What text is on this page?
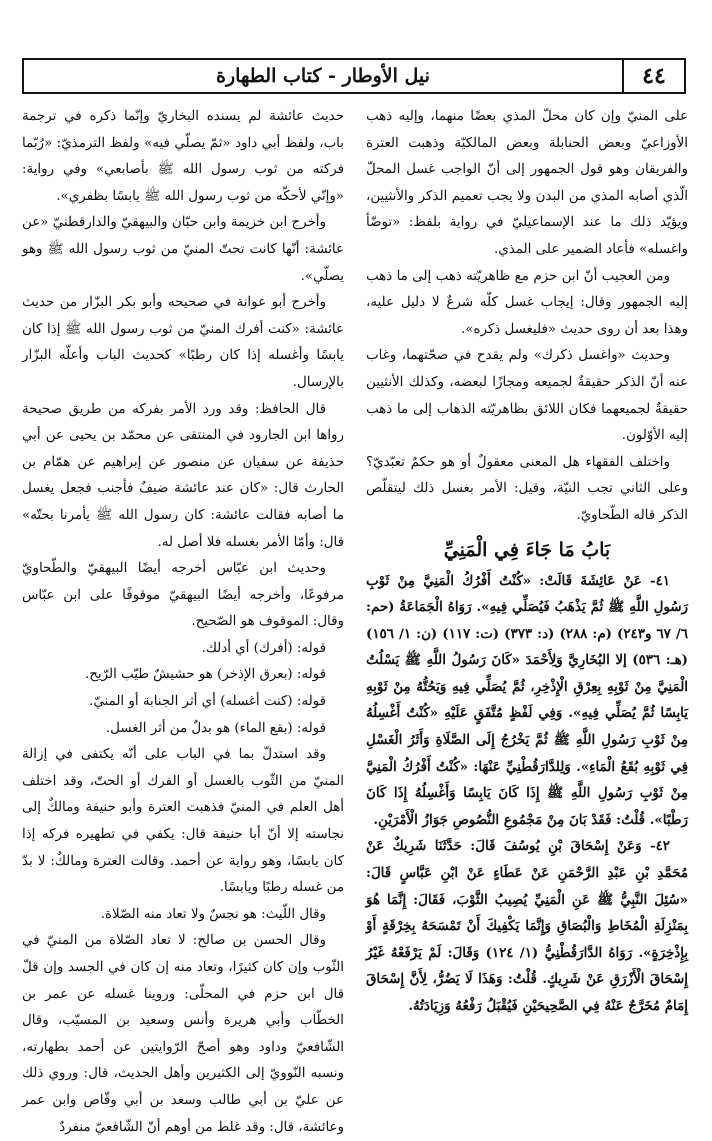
٤٤
نيل الأوطار - كتاب الطهارة

على المنيّ وإن كان محلّ المذي بعضًا منهما، وإليه ذهب الأوزاعيّ وبعض الحنابلة وبعض المالكيّة وذهبت العترة والفريقان وهو قول الجمهور إلى أنّ الواجب غسل المحلّ الّذي أصابه المذي من البدن ولا يجب تعميم الذكر والأنثيين، ويؤيّد ذلك ما عند الإسماعيليّ في رواية بلفظ: «توضّأ واغسله» فأعاد الضمير على المذي.

ومن العجيب أنّ ابن حزم مع ظاهريّته ذهب إلى ما ذهب إليه الجمهور وقال: إيجاب غسل كلّه شرعٌ لا دليل عليه، وهذا بعد أن روى حديث «فليغسل ذكره».

وحديث «واغسل ذكرك» ولم يقدح في صحّتهما، وغاب عنه أنّ الذكر حقيقةٌ لجميعه ومجازًا لبعضه، وكذلك الأنثيين حقيقةٌ لجميعهما فكان اللائق بظاهريّته الذهاب إلى ما ذهب إليه الأوّلون.

واختلف الفقهاء هل المعنى معقولٌ أو هو حكمٌ تعبّديّ؟ وعلى الثاني تجب النيّة، وقيل: الأمر بغسل ذلك ليتقلّص الذكر قاله الطّحاويّ.

بَابُ مَا جَاءَ فِي الْمَنِيِّ

٤١- عَنْ عَائِشَةَ قَالَتْ: «كُنْتُ أَفْرُكُ الْمَنِيَّ مِنْ ثَوْبِ رَسُولِ اللَّهِ ﷺ ثُمَّ يَذْهَبُ فَيُصَلِّي فِيهِ». رَوَاهُ الْجَمَاعَةُ (حم: ٦/ ٦٧ و٢٤٣) (م: ٢٨٨) (د: ٣٧٣) (ت: ١١٧) (ن: ١/ ١٥٦) (هـ: ٥٣٦) إلا البُخَارِيَّ وَلِأَحْمَدَ «كَانَ رَسُولُ اللَّهِ ﷺ يَسْلُتُ الْمَنِيَّ مِنْ ثَوْبِهِ بِعِرْقِ الْإِذْخِرِ، ثُمَّ يُصَلِّي فِيهِ وَيَحُتُّهُ مِنْ ثَوْبِهِ يَابِسًا ثُمَّ يُصَلِّي فِيهِ». وَفِي لَفْظٍ مُتَّفَقٍ عَلَيْهِ «كُنْتُ أَغْسِلُهُ مِنْ ثَوْبِ رَسُولِ اللَّهِ ﷺ ثُمَّ يَخْرُجُ إِلَى الصَّلَاةِ وَأَثَرُ الْغَسْلِ فِي ثَوْبِهِ بُقَعُ الْمَاءِ». وَلِلدَّارَقُطْنِيِّ عَنْهَا: «كُنْتُ أَفْرُكُ الْمَنِيَّ مِنْ ثَوْبِ رَسُولِ اللَّهِ ﷺ إِذَا كَانَ يَابِسًا وَأَغْسِلُهُ إِذَا كَانَ رَطْبًا». قُلْتُ: فَقَدْ بَانَ مِنْ مَجْمُوعِ النُّصُوصِ جَوَازُ الْأَمْرَيْنِ.

٤٢- وَعَنْ إِسْحَاقَ بْنِ يُوسُفَ قَالَ: حَدَّثَنَا شَرِيكٌ عَنْ مُحَمَّدِ بْنِ عَبْدِ الرَّحْمَنِ عَنْ عَطَاءٍ عَنْ ابْنِ عَبَّاسٍ قَالَ: «سُئِلَ النَّبِيُّ ﷺ عَنِ الْمَنِيِّ يُصِيبُ الثَّوْبَ، فَقَالَ: إِنَّمَا هُوَ بِمَنْزِلَةِ الْمُخَاطِ وَالْبُصَاقِ وَإِنَّمَا يَكْفِيكَ أَنْ تَمْسَحَهُ بِخِرْقَةٍ أَوْ بِإِذْخِرَةٍ». رَوَاهُ الدَّارَقُطْنِيُّ (١/ ١٢٤) وَقَالَ: لَمْ يَرْفَعْهُ غَيْرُ إِسْحَاقَ الْأَزْرَقِ عَنْ شَرِيكٍ. قُلْتُ: وَهَذَا لَا يَضُرُّ، لِأَنَّ إِسْحَاقَ إِمَامٌ مُخَرَّجٌ عَنْهُ فِي الصَّحِيحَيْنِ فَيُقْبَلُ رَفْعُهُ وَزِيَادَتُهُ.

حديث عائشة لم يسنده البخاريّ وإنّما ذكره في ترجمة باب، ولفظ أبي داود «ثمّ يصلّي فيه» ولفظ الترمذيّ: «رُبّما فركته من ثوب رسول الله ﷺ بأصابعي» وفي رواية: «وإنّي لأحكّه من ثوب رسول الله ﷺ يابسًا بظفري».

وأخرج ابن خزيمة وابن حبّان والبيهقيّ والدارقطنيّ «عن عائشة: أنّها كانت تحتّ المنيّ من ثوب رسول الله ﷺ وهو يصلّي».

وأخرج أبو عوانة في صحيحه وأبو بكر البزّار من حديث عائشة: «كنت أفرك المنيّ من ثوب رسول الله ﷺ إذا كان يابسًا وأغسله إذا كان رطبًا» كحديث الباب وأعلّه البزّار بالإرسال.

قال الحافظ: وقد ورد الأمر بفركه من طريق صحيحة رواها ابن الجارود في المنتقى عن محمّد بن يحيى عن أبي حذيفة عن سفيان عن منصور عن إبراهيم عن همّام بن الحارث قال: «كان عند عائشة ضيفٌ فأجنب فجعل يغسل ما أصابه فقالت عائشة: كان رسول الله ﷺ يأمرنا بحتّه» قال: وأمّا الأمر بغسله فلا أصل له.

وحديث ابن عبّاس أخرجه أيضًا البيهقيّ والطّحاويّ مرفوعًا، وأخرجه أيضًا البيهقيّ موقوفًا على ابن عبّاس وقال: الموقوف هو الصّحيح.

قوله: (أفرك) أي أدلك.

قوله: (بعرق الإذخر) هو حشيشٌ طيّب الرّيح.

قوله: (كنت أغسله) أي أثر الجنابة أو المنيّ.

قوله: (بقع الماء) هو بدلٌ من أثر الغسل.

وقد استدلّ بما في الباب على أنّه يكتفى في إزالة المنيّ من الثّوب بالغسل أو الفرك أو الحتّ، وقد اختلف أهل العلم في المنيّ فذهبت العترة وأبو حنيفة ومالكٌ إلى نجاسته إلا أنّ أبا حنيفة قال: يكفي في تطهيره فركه إذا كان يابسًا، وهو رواية عن أحمد. وقالت العترة ومالكٌ: لا بدّ من غسله رطبًا ويابسًا.

وقال اللّيث: هو نجسٌ ولا تعاد منه الصّلاة.

وقال الحسن بن صالح: لا تعاد الصّلاة من المنيّ في الثّوب وإن كان كثيرًا، وتعاد منه إن كان في الجسد وإن قلّ قال ابن حزم في المحلّى: وروينا غسله عن عمر بن الخطّاب وأبي هريرة وأنس وسعيد بن المسيّب، وقال الشّافعيّ وداود وهو أصحّ الرّوايتين عن أحمد بطهارته، ونسبه النّوويّ إلى الكثيرين وأهل الحديث، قال: وروي ذلك عن عليّ بن أبي طالب وسعد بن أبي وقّاص وابن عمر وعائشة، قال: وقد غلط من أوهم أنّ الشّافعيّ منفردٌ
